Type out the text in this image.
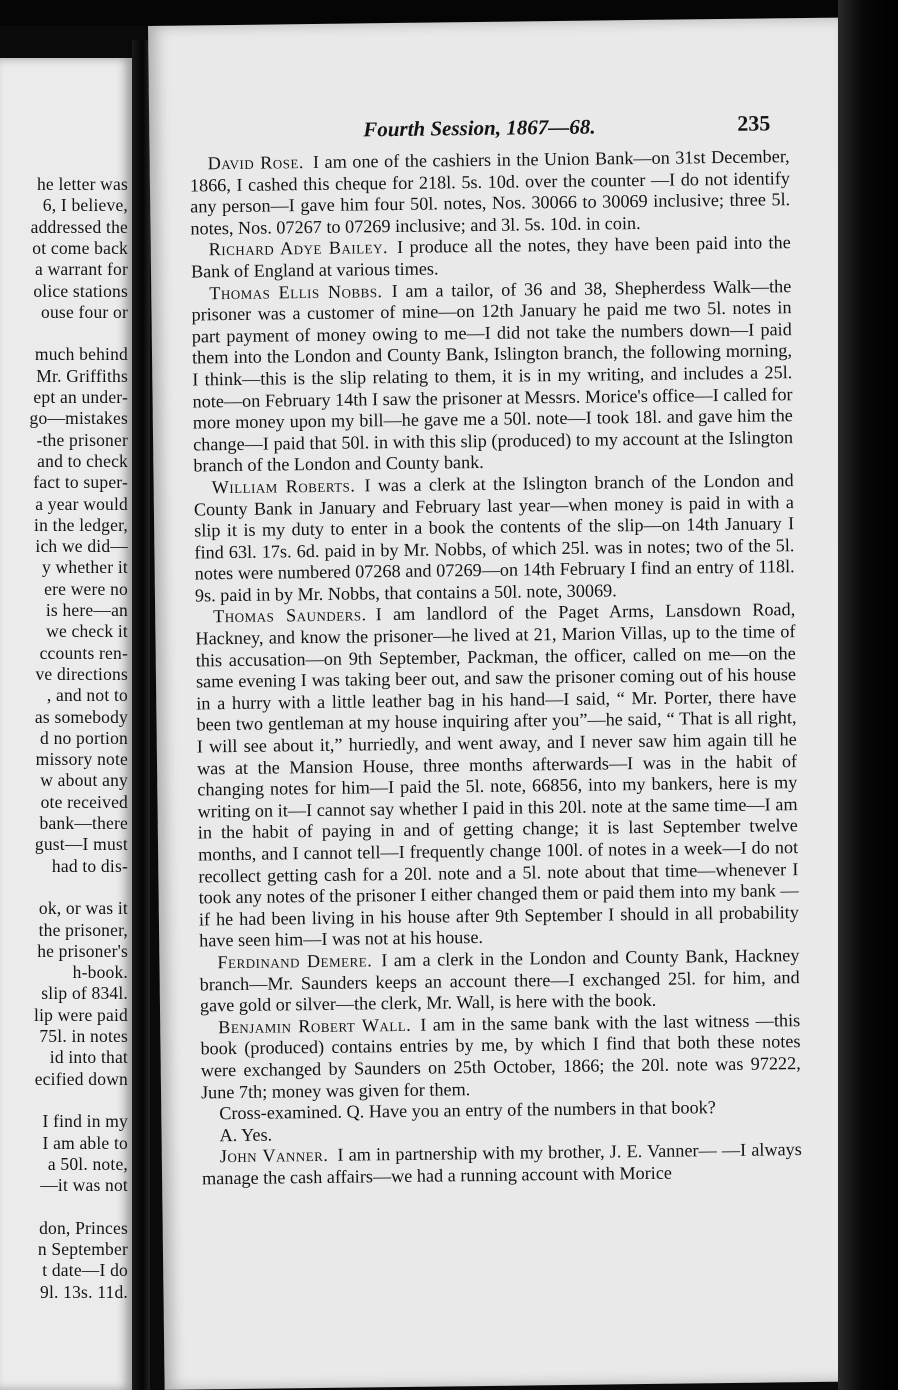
he letter was
6, I believe,
addressed the
ot come back
a warrant for
olice stations
ouse four or
much behind
Mr. Griffiths
ept an under-
go—mistakes
-the prisoner
and to check
fact to super-
a year would
in the ledger,
ich we did—
y whether it
ere were no
is here—an
we check it
ccounts ren-
ve directions
, and not to
as somebody
d no portion
missory note
w about any
ote received
bank—there
gust—I must
had to dis-
ok, or was it
the prisoner,
he prisoner's
h-book.
slip of 834l.
lip were paid
75l. in notes
id into that
ecified down
I find in my
I am able to
a 50l. note,
—it was not
don, Princes
n September
t date—I do
9l. 13s. 11d.
Fourth Session, 1867—68.	235

David Rose.  I am one of the cashiers in the Union Bank—on 31st December, 1866, I cashed this cheque for 218l. 5s. 10d. over the counter —I do not identify any person—I gave him four 50l. notes, Nos. 30066 to 30069 inclusive; three 5l. notes, Nos. 07267 to 07269 inclusive; and 3l. 5s. 10d. in coin.

Richard Adye Bailey.  I produce all the notes, they have been paid into the Bank of England at various times.

Thomas Ellis Nobbs.  I am a tailor, of 36 and 38, Shepherdess Walk—the prisoner was a customer of mine—on 12th January he paid me two 5l. notes in part payment of money owing to me—I did not take the numbers down—I paid them into the London and County Bank, Islington branch, the following morning, I think—this is the slip relating to them, it is in my writing, and includes a 25l. note—on February 14th I saw the prisoner at Messrs. Morice's office—I called for more money upon my bill—he gave me a 50l. note—I took 18l. and gave him the change—I paid that 50l. in with this slip (produced) to my account at the Islington branch of the London and County bank.

William Roberts.  I was a clerk at the Islington branch of the London and County Bank in January and February last year—when money is paid in with a slip it is my duty to enter in a book the contents of the slip—on 14th January I find 63l. 17s. 6d. paid in by Mr. Nobbs, of which 25l. was in notes; two of the 5l. notes were numbered 07268 and 07269—on 14th February I find an entry of 118l. 9s. paid in by Mr. Nobbs, that contains a 50l. note, 30069.

Thomas Saunders.  I am landlord of the Paget Arms, Lansdown Road, Hackney, and know the prisoner—he lived at 21, Marion Villas, up to the time of this accusation—on 9th September, Packman, the officer, called on me—on the same evening I was taking beer out, and saw the prisoner coming out of his house in a hurry with a little leather bag in his hand—I said, “ Mr. Porter, there have been two gentleman at my house inquiring after you”—he said, “ That is all right, I will see about it,” hurriedly, and went away, and I never saw him again till he was at the Mansion House, three months afterwards—I was in the habit of changing notes for him—I paid the 5l. note, 66856, into my bankers, here is my writing on it—I cannot say whether I paid in this 20l. note at the same time—I am in the habit of paying in and of getting change; it is last September twelve months, and I cannot tell—I frequently change 100l. of notes in a week—I do not recollect getting cash for a 20l. note and a 5l. note about that time—whenever I took any notes of the prisoner I either changed them or paid them into my bank —if he had been living in his house after 9th September I should in all probability have seen him—I was not at his house.

Ferdinand Demere.  I am a clerk in the London and County Bank, Hackney branch—Mr. Saunders keeps an account there—I exchanged 25l. for him, and gave gold or silver—the clerk, Mr. Wall, is here with the book.

Benjamin Robert Wall.  I am in the same bank with the last witness —this book (produced) contains entries by me, by which I find that both these notes were exchanged by Saunders on 25th October, 1866; the 20l. note was 97222, June 7th; money was given for them.

Cross-examined. Q. Have you an entry of the numbers in that book?

A. Yes.

John Vanner.  I am in partnership with my brother, J. E. Vanner— —I always manage the cash affairs—we had a running account with Morice
